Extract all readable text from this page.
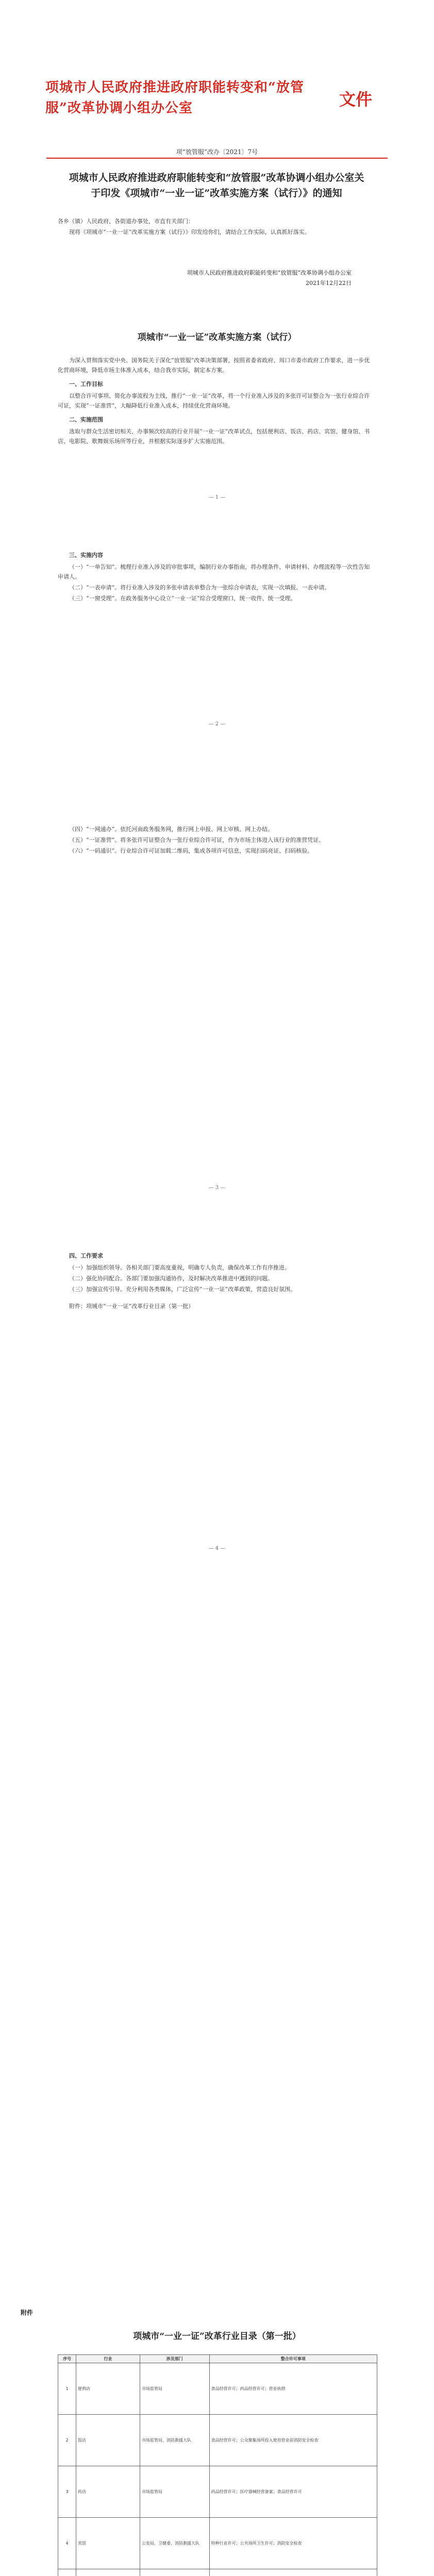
项城市人民政府推进政府职能转变和“放管服”改革协调小组办公室	文件
项“放管服”改办〔2021〕7号
项城市人民政府推进政府职能转变和“放管服”改革协调小组办公室关于印发《项城市“一业一证”改革实施方案（试行）》的通知

各乡（镇）人民政府、各街道办事处，市直有关部门：

现将《项城市“一业一证”改革实施方案（试行）》印发给你们，请结合工作实际，认真抓好落实。

项城市人民政府推进政府职能转变和“放管服”改革协调小组办公室
2021年12月22日
项城市“一业一证”改革实施方案（试行）

为深入贯彻落实党中央、国务院关于深化“放管服”改革决策部署，按照省委省政府、周口市委市政府工作要求，进一步优化营商环境，降低市场主体准入成本，结合我市实际，制定本方案。

一、工作目标

以整合许可事项、简化办事流程为主线，推行“一业一证”改革，将一个行业准入涉及的多张许可证整合为一张行业综合许可证，实现“一证准营”，大幅降低行业准入成本，持续优化营商环境。

二、实施范围

选取与群众生活密切相关、办事频次较高的行业开展“一业一证”改革试点，包括便利店、饭店、药店、宾馆、健身馆、书店、电影院、歌舞娱乐场所等行业，并根据实际逐步扩大实施范围。

— 1 —

三、实施内容

（一）“一单告知”。梳理行业准入涉及的审批事项，编制行业办事指南，将办理条件、申请材料、办理流程等一次性告知申请人。

（二）“一表申请”。将行业准入涉及的多张申请表单整合为一张综合申请表，实现一次填报、一表申请。

（三）“一窗受理”。在政务服务中心设立“一业一证”综合受理窗口，统一收件、统一受理。

— 2 —

（四）“一网通办”。依托河南政务服务网，推行网上申报、网上审核、网上办结。

（五）“一证准营”。将多张许可证整合为一张行业综合许可证，作为市场主体进入该行业的准营凭证。

（六）“一码通识”。行业综合许可证加载二维码，集成各项许可信息，实现扫码亮证、扫码核验。

— 3 —

四、工作要求

（一）加强组织领导。各相关部门要高度重视，明确专人负责，确保改革工作有序推进。

（二）强化协同配合。各部门要加强沟通协作，及时解决改革推进中遇到的问题。

（三）加强宣传引导。充分利用各类媒体，广泛宣传“一业一证”改革政策，营造良好氛围。

附件：项城市“一业一证”改革行业目录（第一批）

— 4 —
附件
项城市“一业一证”改革行业目录（第一批）
序号	行业	涉及部门	整合许可事项
1	便利店	市场监管局	食品经营许可；药品经营许可；营业执照
2	饭店	市场监管局、消防救援大队	食品经营许可；公众聚集场所投入使用营业前消防安全检查
3	药店	市场监管局	药品经营许可；医疗器械经营备案；食品经营许可
4	宾馆	公安局、卫健委、消防救援大队	特种行业许可；公共场所卫生许可；消防安全检查
